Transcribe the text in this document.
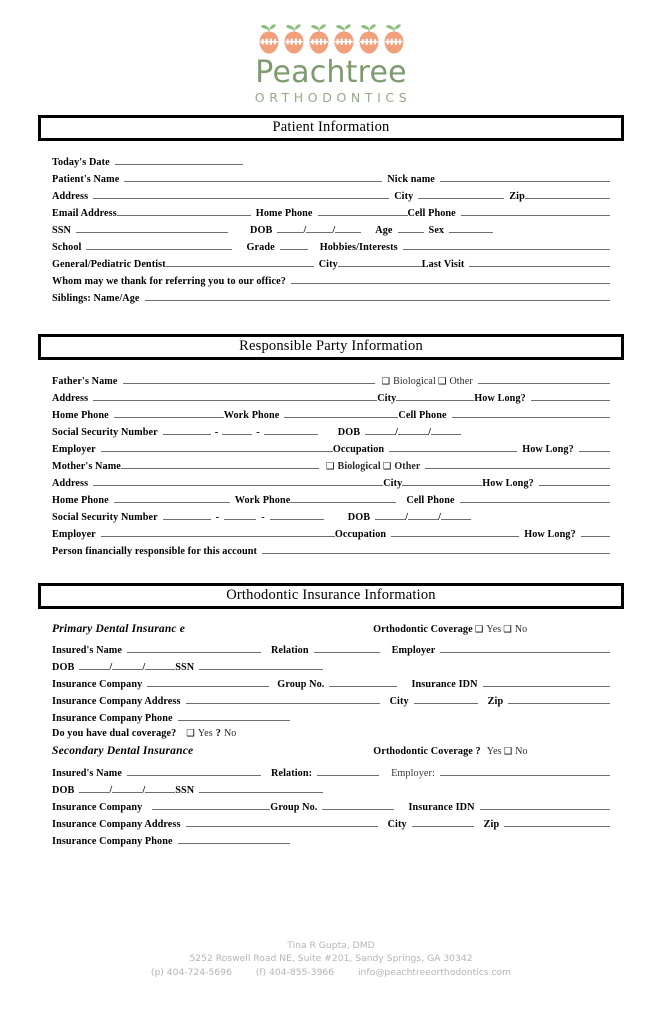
Peachtree
ORTHODONTICS
Patient Information
Today's Date
Patient's Name	Nick name
Address	City	Zip
Email Address	Home Phone	Cell Phone
SSN	DOB	/	/	Age	Sex
School	Grade	Hobbies/Interests
General/Pediatric Dentist	City	Last Visit
Whom may we thank for referring you to our office?
Siblings: Name/Age
Responsible Party Information
Father's Name	❑ Biological ❑ Other
Address	City	How Long?
Home Phone	Work Phone	Cell Phone
Social Security Number	-	-	DOB	/	/
Employer	Occupation	How Long?
Mother's Name	❑ Biological ❑ Other
Address	City	How Long?
Home Phone	Work Phone	Cell Phone
Social Security Number	-	-	DOB	/	/
Employer	Occupation	How Long?
Person financially responsible for this account
Orthodontic Insurance Information
Primary Dental Insuranc e	Orthodontic Coverage ❑ Yes ❑ No
Insured's Name	Relation	Employer
DOB	/	/	SSN
Insurance Company	Group No.	Insurance IDN
Insurance Company Address	City	Zip
Insurance Company Phone
Do you have dual coverage? ❑ Yes ? No
Secondary Dental Insurance	Orthodontic Coverage ? Yes ❑ No
Insured's Name	Relation:	Employer:
DOB	/	/	SSN
Insurance Company	Group No.	Insurance IDN
Insurance Company Address	City	Zip
Insurance Company Phone
Tina R Gupta, DMD
5252 Roswell Road NE, Suite #201, Sandy Springs, GA 30342
(p) 404-724-5696	(f) 404-855-3966	info@peachtreeorthodontics.com
